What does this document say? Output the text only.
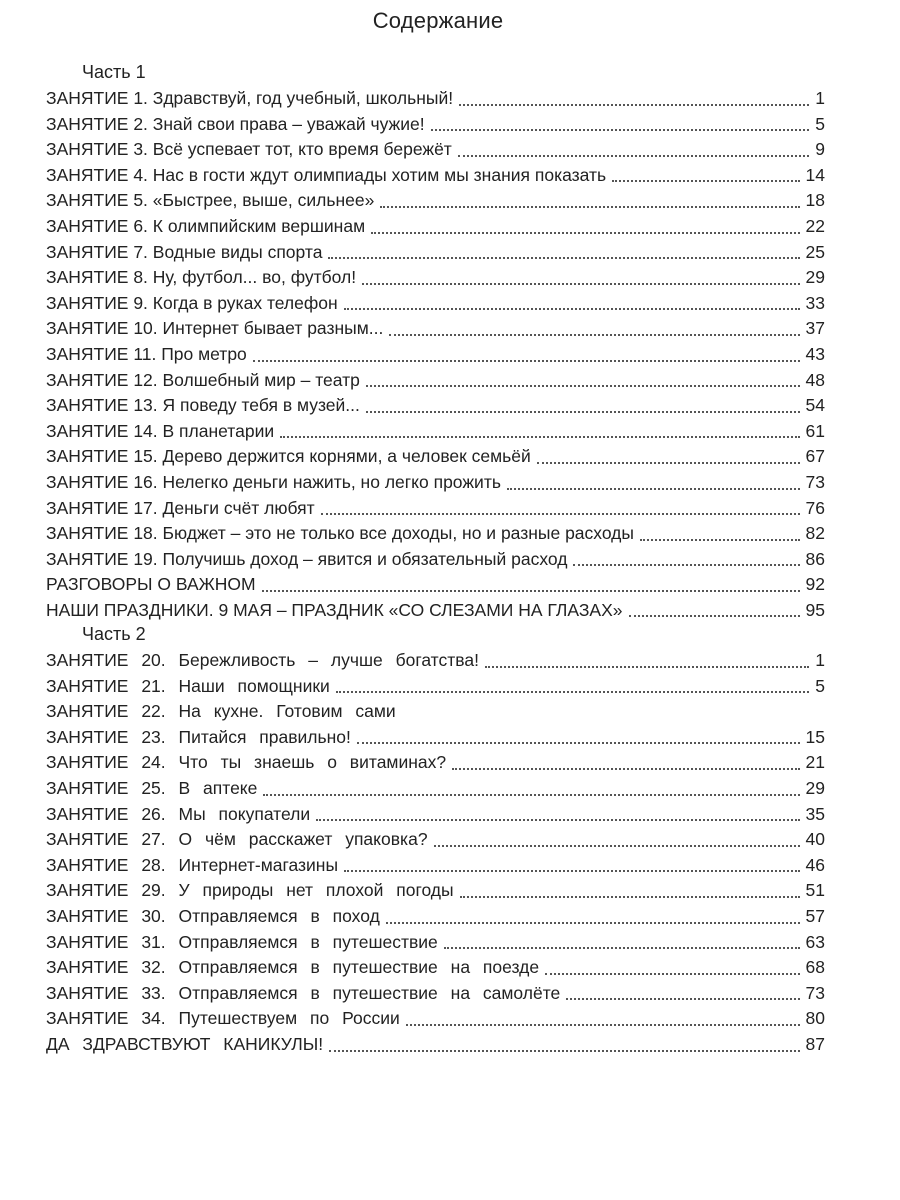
Содержание
Часть 1
ЗАНЯТИЕ 1. Здравствуй, год учебный, школьный!	1
ЗАНЯТИЕ 2. Знай свои права – уважай чужие!	5
ЗАНЯТИЕ 3. Всё успевает тот, кто время бережёт	9
ЗАНЯТИЕ 4. Нас в гости ждут олимпиады хотим мы знания показать	14
ЗАНЯТИЕ 5. «Быстрее, выше, сильнее»	18
ЗАНЯТИЕ 6. К олимпийским вершинам	22
ЗАНЯТИЕ 7. Водные виды спорта	25
ЗАНЯТИЕ 8. Ну, футбол... во, футбол!	29
ЗАНЯТИЕ 9. Когда в руках телефон	33
ЗАНЯТИЕ 10. Интернет бывает разным...	37
ЗАНЯТИЕ 11. Про метро	43
ЗАНЯТИЕ 12. Волшебный мир – театр	48
ЗАНЯТИЕ 13. Я поведу тебя в музей...	54
ЗАНЯТИЕ 14. В планетарии	61
ЗАНЯТИЕ 15. Дерево держится корнями, а человек семьёй	67
ЗАНЯТИЕ 16. Нелегко деньги нажить, но легко прожить	73
ЗАНЯТИЕ 17. Деньги счёт любят	76
ЗАНЯТИЕ 18. Бюджет – это не только все доходы, но и разные расходы	82
ЗАНЯТИЕ 19. Получишь доход – явится и обязательный расход	86
РАЗГОВОРЫ О ВАЖНОМ	92
НАШИ ПРАЗДНИКИ. 9 МАЯ – ПРАЗДНИК «СО СЛЕЗАМИ НА ГЛАЗАХ»	95
Часть 2
ЗАНЯТИЕ 20. Бережливость – лучше богатства!	1
ЗАНЯТИЕ 21. Наши помощники	5
ЗАНЯТИЕ 22. На кухне. Готовим сами
ЗАНЯТИЕ 23. Питайся правильно!	15
ЗАНЯТИЕ 24. Что ты знаешь о витаминах?	21
ЗАНЯТИЕ 25. В аптеке	29
ЗАНЯТИЕ 26. Мы покупатели	35
ЗАНЯТИЕ 27. О чём расскажет упаковка?	40
ЗАНЯТИЕ 28. Интернет-магазины	46
ЗАНЯТИЕ 29. У природы нет плохой погоды	51
ЗАНЯТИЕ 30. Отправляемся в поход	57
ЗАНЯТИЕ 31. Отправляемся в путешествие	63
ЗАНЯТИЕ 32. Отправляемся в путешествие на поезде	68
ЗАНЯТИЕ 33. Отправляемся в путешествие на самолёте	73
ЗАНЯТИЕ 34. Путешествуем по России	80
ДА ЗДРАВСТВУЮТ КАНИКУЛЫ!	87
